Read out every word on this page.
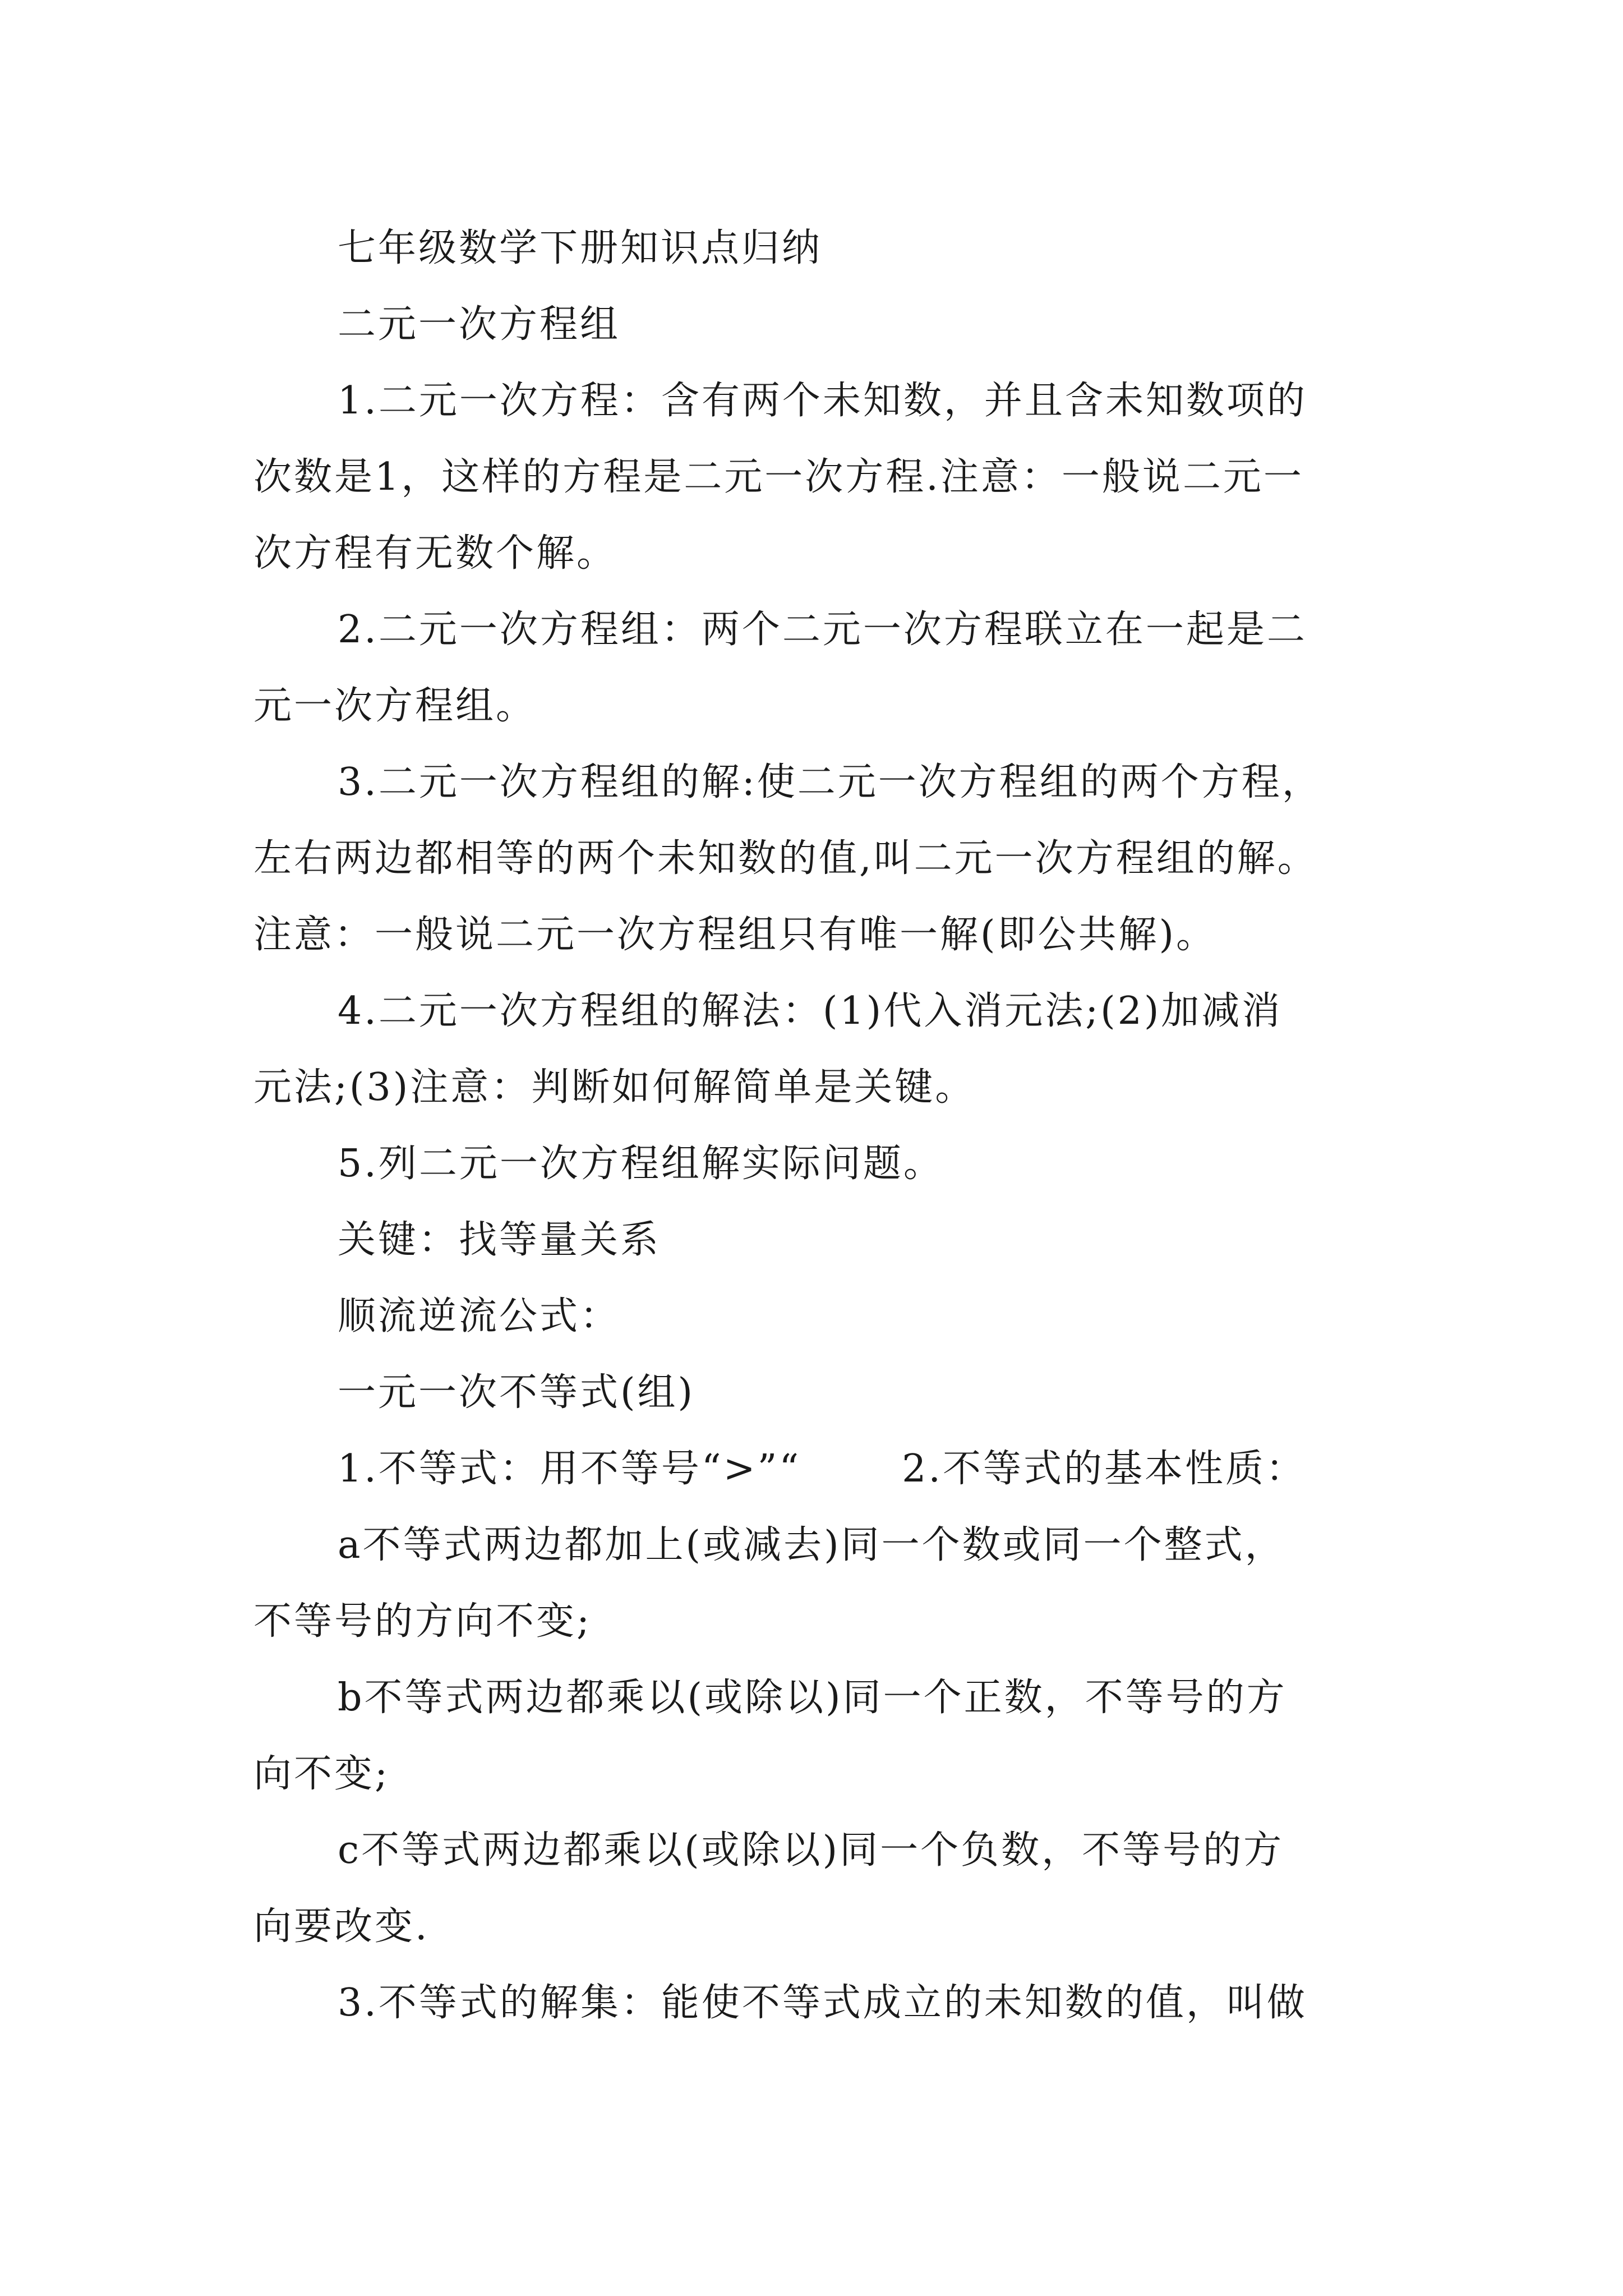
七年级数学下册知识点归纳
二元一次方程组
1.二元一次方程：含有两个未知数，并且含未知数项的
次数是1，这样的方程是二元一次方程.注意：一般说二元一
次方程有无数个解。
2.二元一次方程组：两个二元一次方程联立在一起是二
元一次方程组。
3.二元一次方程组的解:使二元一次方程组的两个方程，
左右两边都相等的两个未知数的值,叫二元一次方程组的解。
注意：一般说二元一次方程组只有唯一解(即公共解)。
4.二元一次方程组的解法：(1)代入消元法;(2)加减消
元法;(3)注意：判断如何解简单是关键。
5.列二元一次方程组解实际问题。
关键：找等量关系
顺流逆流公式：
一元一次不等式(组)
1.不等式：用不等号“>”“	2.不等式的基本性质：
a不等式两边都加上(或减去)同一个数或同一个整式，
不等号的方向不变;
b不等式两边都乘以(或除以)同一个正数，不等号的方
向不变;
c不等式两边都乘以(或除以)同一个负数，不等号的方
向要改变.
3.不等式的解集：能使不等式成立的未知数的值，叫做
